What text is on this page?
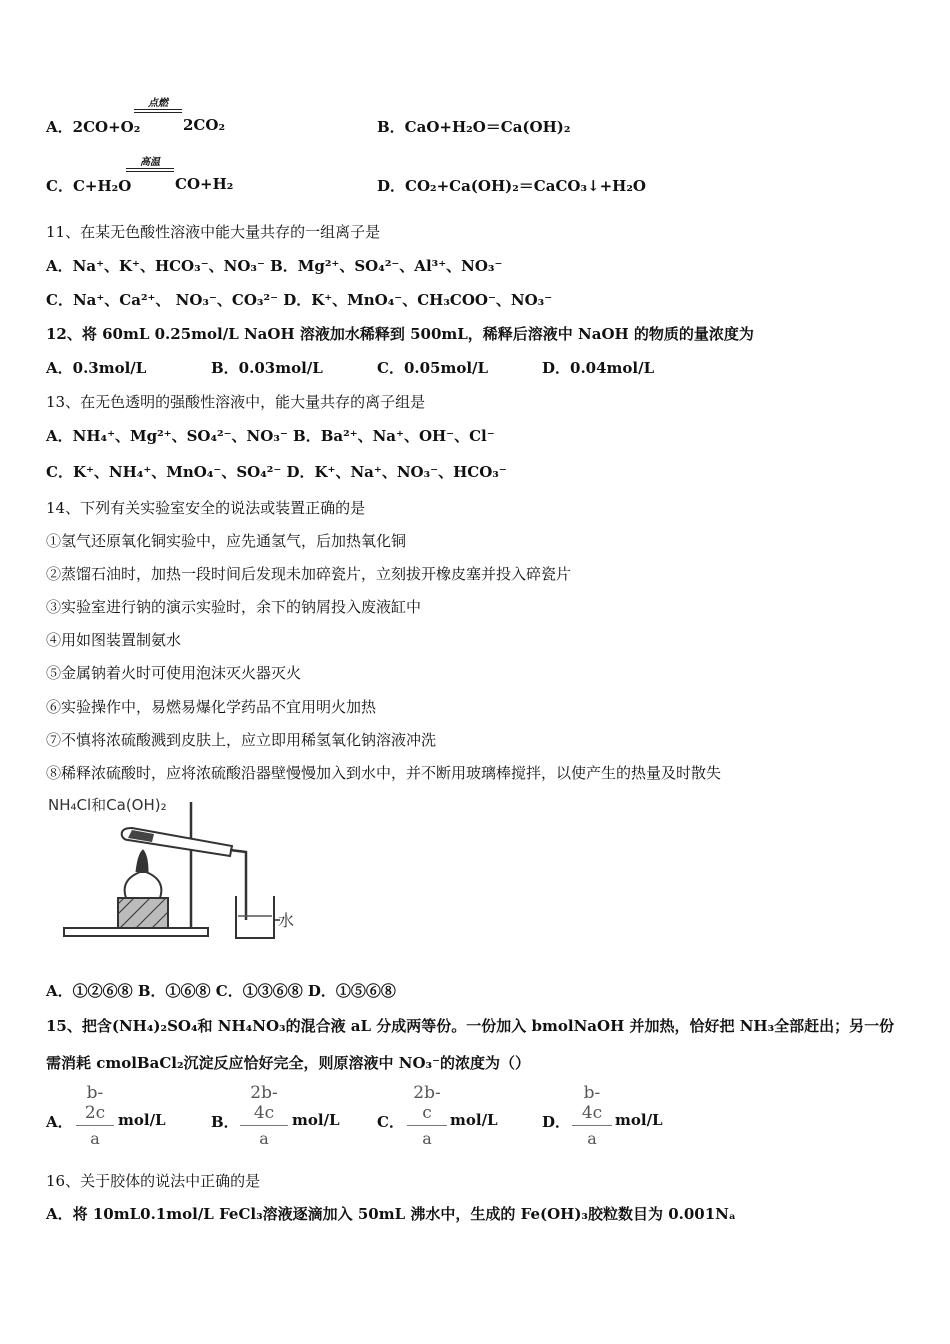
A．2CO+O₂
点燃
2CO₂	B．CaO+H₂O＝Ca(OH)₂
C．C+H₂O
高温
CO+H₂	D．CO₂+Ca(OH)₂＝CaCO₃↓+H₂O
11、在某无色酸性溶液中能大量共存的一组离子是
A．Na⁺、K⁺、HCO₃⁻、NO₃⁻ B．Mg²⁺、SO₄²⁻、Al³⁺、NO₃⁻
C．Na⁺、Ca²⁺、 NO₃⁻、CO₃²⁻ D．K⁺、MnO₄⁻、CH₃COO⁻、NO₃⁻
12、将 60mL 0.25mol/L NaOH 溶液加水稀释到 500mL，稀释后溶液中 NaOH 的物质的量浓度为
A．0.3mol/L	B．0.03mol/L	C．0.05mol/L	D．0.04mol/L
13、在无色透明的强酸性溶液中，能大量共存的离子组是
A．NH₄⁺、Mg²⁺、SO₄²⁻、NO₃⁻ B．Ba²⁺、Na⁺、OH⁻、Cl⁻
C．K⁺、NH₄⁺、MnO₄⁻、SO₄²⁻ D．K⁺、Na⁺、NO₃⁻、HCO₃⁻
14、下列有关实验室安全的说法或装置正确的是
①氢气还原氧化铜实验中，应先通氢气，后加热氧化铜
②蒸馏石油时，加热一段时间后发现未加碎瓷片，立刻拔开橡皮塞并投入碎瓷片
③实验室进行钠的演示实验时，余下的钠屑投入废液缸中
④用如图装置制氨水
⑤金属钠着火时可使用泡沫灭火器灭火
⑥实验操作中，易燃易爆化学药品不宜用明火加热
⑦不慎将浓硫酸溅到皮肤上，应立即用稀氢氧化钠溶液冲洗
⑧稀释浓硫酸时，应将浓硫酸沿器壁慢慢加入到水中，并不断用玻璃棒搅拌，以使产生的热量及时散失
NH₄Cl和Ca(OH)₂
水
A．①②⑥⑧ B．①⑥⑧ C．①③⑥⑧ D．①⑤⑥⑧
15、把含(NH₄)₂SO₄和 NH₄NO₃的混合液 aL 分成两等份。一份加入 bmolNaOH 并加热，恰好把 NH₃全部赶出；另一份
需消耗 cmolBaCl₂沉淀反应恰好完全，则原溶液中 NO₃⁻的浓度为（）
A． $\frac{b-2c}{a} mol/L$	B． $\frac{2b-4c}{a} mol/L$ C． $\frac{2b-c}{a} mol/L$	D． $\frac{b-4c}{a} mol/L$
16、关于胶体的说法中正确的是
A．将 10mL0.1mol/L FeCl₃溶液逐滴加入 50mL 沸水中，生成的 Fe(OH)₃胶粒数目为 0.001Nₐ
